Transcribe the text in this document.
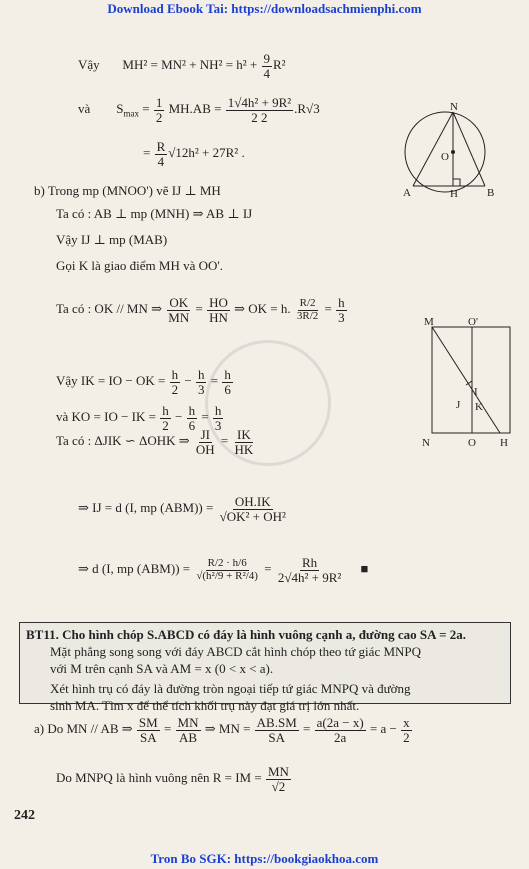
Download Ebook Tai: https://downloadsachmienphi.com
Vậy $MH^2 = MN^2 + NH^2 = h^2 + \frac{9}{4} R^2$
và $S_{max} = \frac{1}{2} MH.AB = \frac{\text{1√4h² + 9R²}}{2 2} .R√3$
= $\frac{R}{4} √12h^2 + 27R^2$ .
N
O
A	H	B
b) Trong mp (MNOO') vẽ IJ ⊥ MH
Ta có : AB ⊥ mp (MNH) ⇒ AB ⊥ IJ
Vậy IJ ⊥ mp (MAB)
Gọi K là giao điểm MH và OO'.
Ta có : OK // MN ⇒ $\frac{OK}{MN} = \frac{HO}{HN}$ ⇒ OK = h. $\frac{R/2}{3R/2} = \frac{h}{3}$
Vậy IK = IO − OK = $\frac{h}{2} - \frac{h}{3} = \frac{h}{6}$
và KO = IO − IK = $\frac{h}{2} - \frac{h}{6} = \frac{h}{3}$
Ta có : ΔJIK ∽ ΔOHK ⇒ $\frac{JI}{OH} = \frac{IK}{HK}$
⇒ IJ = d (I, mp $(ABM)) = \frac{OH.IK}{\text{√OK² + OH²}}$
⇒ d (I, mp $(ABM)) = \frac{R/2 \cdot h/6}{\text{√(h²/9 + R²/4)}} = \frac{Rh}{\text{2√4h² + 9R²}}$ ■
M	O'
I
J K
N	O H
BT11. Cho hình chóp S.ABCD có đáy là hình vuông cạnh a, đường cao SA = 2a.
Mặt phẳng song song với đáy ABCD cắt hình chóp theo tứ giác MNPQ
với M trên cạnh SA và AM = x (0 < x < a).
Xét hình trụ có đáy là đường tròn ngoại tiếp tứ giác MNPQ và đường
sinh MA. Tìm x để thể tích khối trụ này đạt giá trị lớn nhất.
a) Do MN // AB ⇒ $\frac{SM}{SA} = \frac{MN}{AB}$ ⇒ MN = $\frac{AB.SM}{SA} = \frac{a(2a - x)}{2a} = a - \frac{x}{2}$
Do MNPQ là hình vuông nên R = IM = $\frac{MN}{√2}$
242
Tron Bo SGK: https://bookgiaokhoa.com
